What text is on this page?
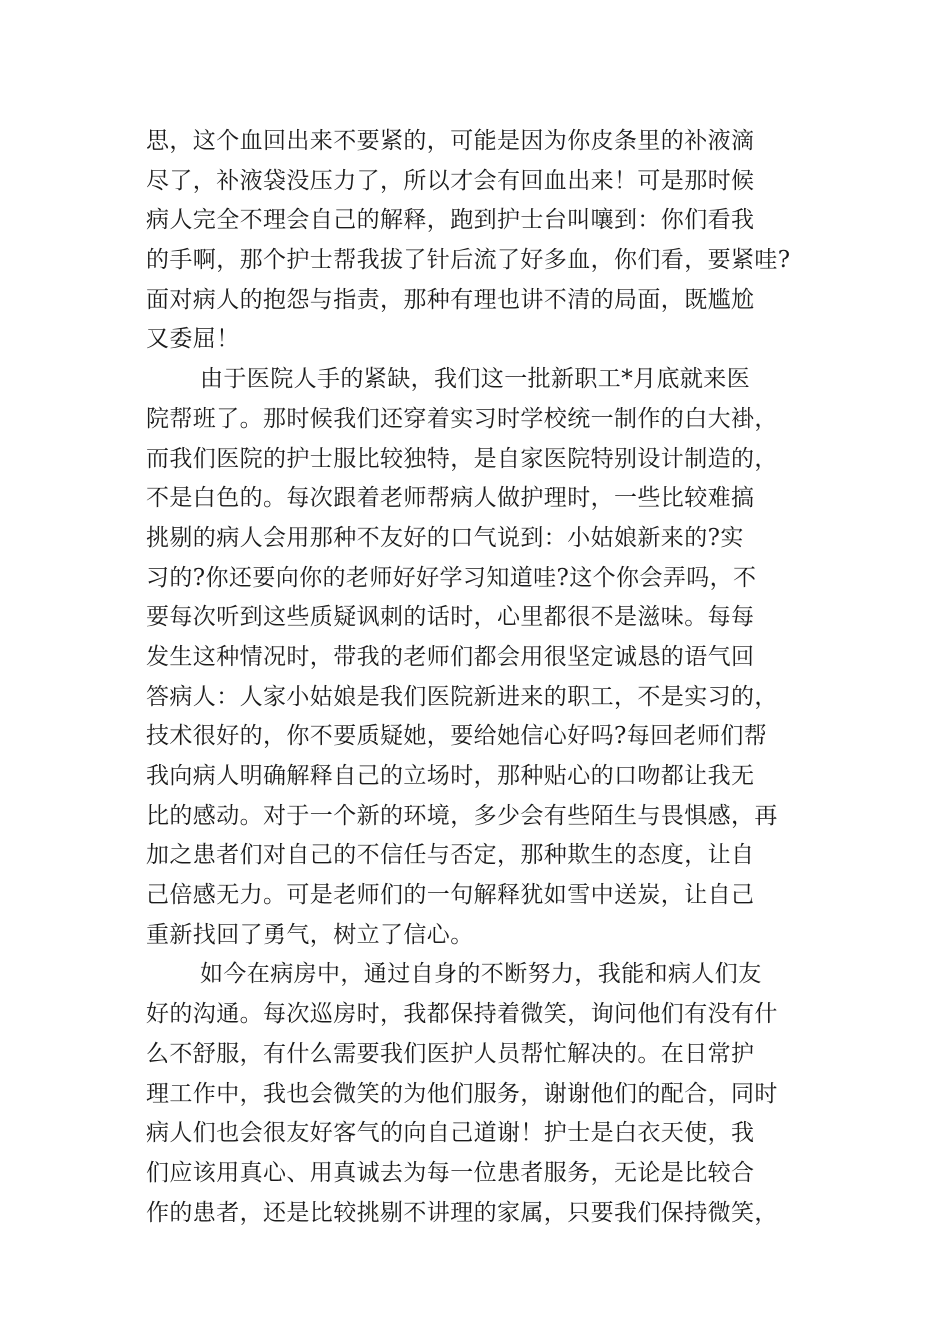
思，这个血回出来不要紧的，可能是因为你皮条里的补液滴
尽了，补液袋没压力了，所以才会有回血出来！可是那时候
病人完全不理会自己的解释，跑到护士台叫嚷到：你们看我
的手啊，那个护士帮我拔了针后流了好多血，你们看，要紧哇?
面对病人的抱怨与指责，那种有理也讲不清的局面，既尴尬
又委屈！
由于医院人手的紧缺，我们这一批新职工*月底就来医
院帮班了。那时候我们还穿着实习时学校统一制作的白大褂，
而我们医院的护士服比较独特，是自家医院特别设计制造的，
不是白色的。每次跟着老师帮病人做护理时，一些比较难搞
挑剔的病人会用那种不友好的口气说到：小姑娘新来的?实
习的?你还要向你的老师好好学习知道哇?这个你会弄吗，不
要每次听到这些质疑讽刺的话时，心里都很不是滋味。每每
发生这种情况时，带我的老师们都会用很坚定诚恳的语气回
答病人：人家小姑娘是我们医院新进来的职工，不是实习的，
技术很好的，你不要质疑她，要给她信心好吗?每回老师们帮
我向病人明确解释自己的立场时，那种贴心的口吻都让我无
比的感动。对于一个新的环境，多少会有些陌生与畏惧感，再
加之患者们对自己的不信任与否定，那种欺生的态度，让自
己倍感无力。可是老师们的一句解释犹如雪中送炭，让自己
重新找回了勇气，树立了信心。
如今在病房中，通过自身的不断努力，我能和病人们友
好的沟通。每次巡房时，我都保持着微笑，询问他们有没有什
么不舒服，有什么需要我们医护人员帮忙解决的。在日常护
理工作中，我也会微笑的为他们服务，谢谢他们的配合，同时
病人们也会很友好客气的向自己道谢！护士是白衣天使，我
们应该用真心、用真诚去为每一位患者服务，无论是比较合
作的患者，还是比较挑剔不讲理的家属，只要我们保持微笑，
